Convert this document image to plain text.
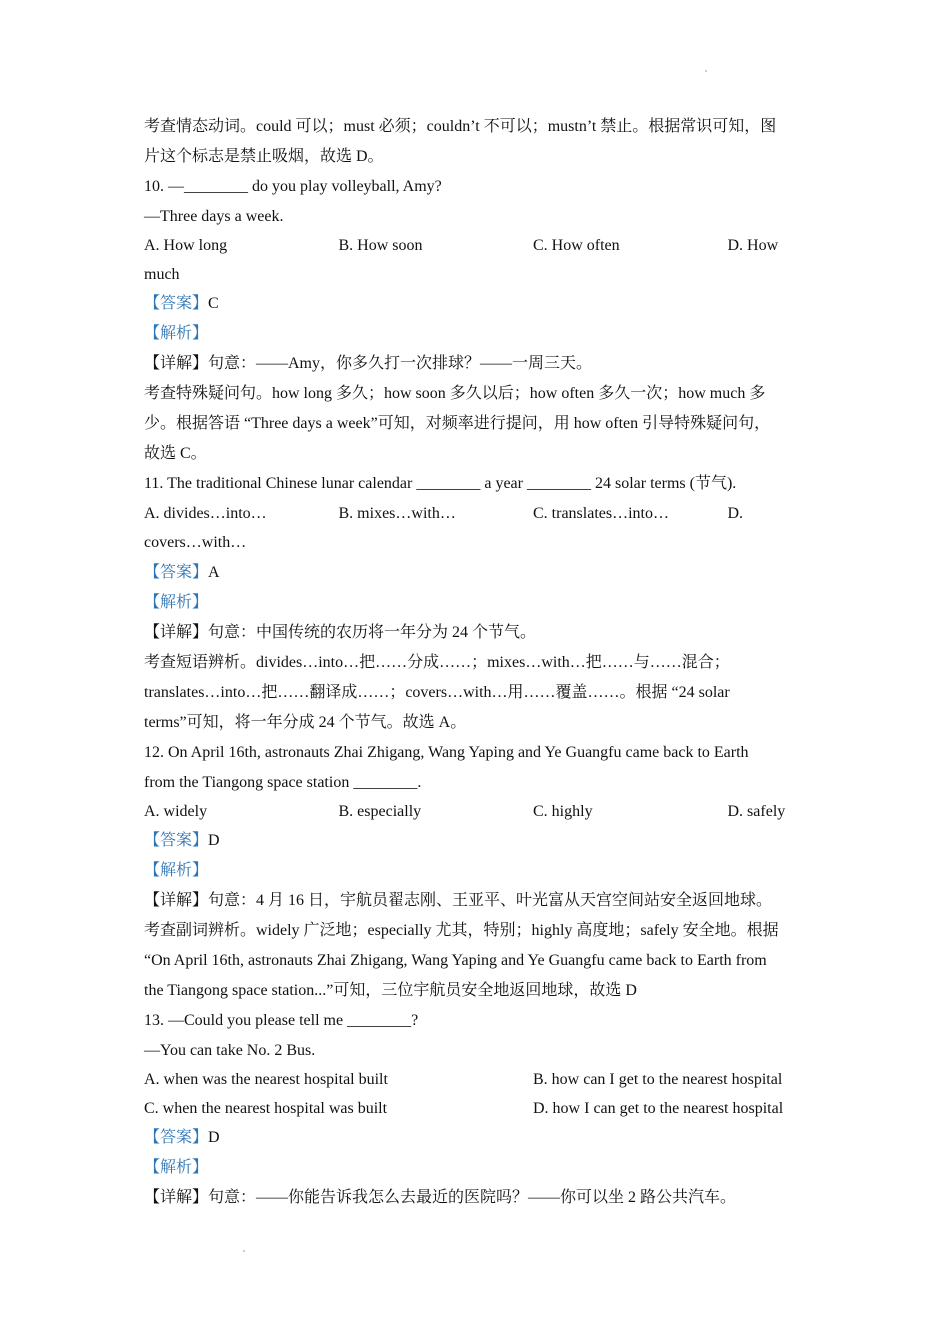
考查情态动词。could 可以；must 必须；couldn’t 不可以；mustn’t 禁止。根据常识可知，图
片这个标志是禁止吸烟，故选 D。
10. —________ do you play volleyball, Amy?
—Three days a week.
A. How long	B. How soon	C. How often	D. How
much
【答案】C
【解析】
【详解】句意：——Amy，你多久打一次排球？——一周三天。
考查特殊疑问句。how long 多久；how soon 多久以后；how often 多久一次；how much 多
少。根据答语 “Three days a week”可知，对频率进行提问，用 how often 引导特殊疑问句，
故选 C。
11. The traditional Chinese lunar calendar ________ a year ________ 24 solar terms (节气).
A. divides…into…	B. mixes…with…	C. translates…into…	D.
covers…with…
【答案】A
【解析】
【详解】句意：中国传统的农历将一年分为 24 个节气。
考查短语辨析。divides…into…把……分成……；mixes…with…把……与……混合；
translates…into…把……翻译成……；covers…with…用……覆盖……。根据 “24 solar
terms”可知，将一年分成 24 个节气。故选 A。
12. On April 16th, astronauts Zhai Zhigang, Wang Yaping and Ye Guangfu came back to Earth
from the Tiangong space station ________.
A. widely	B. especially	C. highly	D. safely
【答案】D
【解析】
【详解】句意：4 月 16 日，宇航员翟志刚、王亚平、叶光富从天宫空间站安全返回地球。
考查副词辨析。widely 广泛地；especially 尤其，特别；highly 高度地；safely 安全地。根据
“On April 16th, astronauts Zhai Zhigang, Wang Yaping and Ye Guangfu came back to Earth from
the Tiangong space station...”可知，三位宇航员安全地返回地球，故选 D
13. —Could you please tell me ________?
—You can take No. 2 Bus.
A. when was the nearest hospital built	B. how can I get to the nearest hospital
C. when the nearest hospital was built	D. how I can get to the nearest hospital
【答案】D
【解析】
【详解】句意：——你能告诉我怎么去最近的医院吗？——你可以坐 2 路公共汽车。
